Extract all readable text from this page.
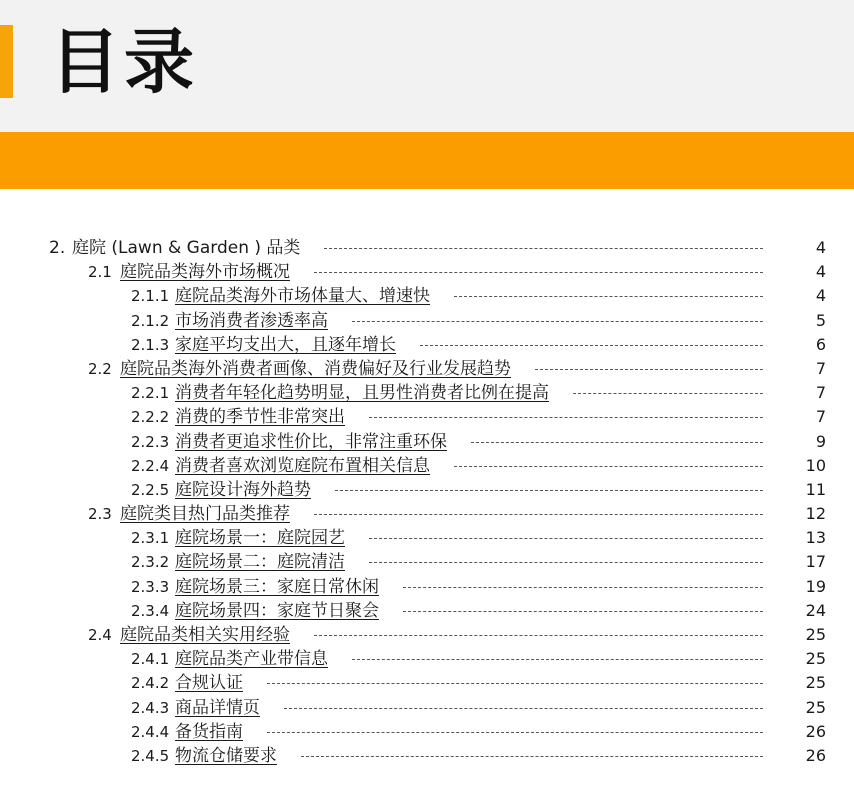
目录
2. 庭院 (Lawn & Garden ) 品类	4
2.1 庭院品类海外市场概况	4
2.1.1 庭院品类海外市场体量大、增速快	4
2.1.2 市场消费者渗透率高	5
2.1.3 家庭平均支出大，且逐年增长	6
2.2 庭院品类海外消费者画像、消费偏好及行业发展趋势	7
2.2.1 消费者年轻化趋势明显，且男性消费者比例在提高	7
2.2.2 消费的季节性非常突出	7
2.2.3 消费者更追求性价比，非常注重环保	9
2.2.4 消费者喜欢浏览庭院布置相关信息	10
2.2.5 庭院设计海外趋势	11
2.3 庭院类目热门品类推荐	12
2.3.1 庭院场景一：庭院园艺	13
2.3.2 庭院场景二：庭院清洁	17
2.3.3 庭院场景三：家庭日常休闲	19
2.3.4 庭院场景四：家庭节日聚会	24
2.4 庭院品类相关实用经验	25
2.4.1 庭院品类产业带信息	25
2.4.2 合规认证	25
2.4.3 商品详情页	25
2.4.4 备货指南	26
2.4.5 物流仓储要求	26
